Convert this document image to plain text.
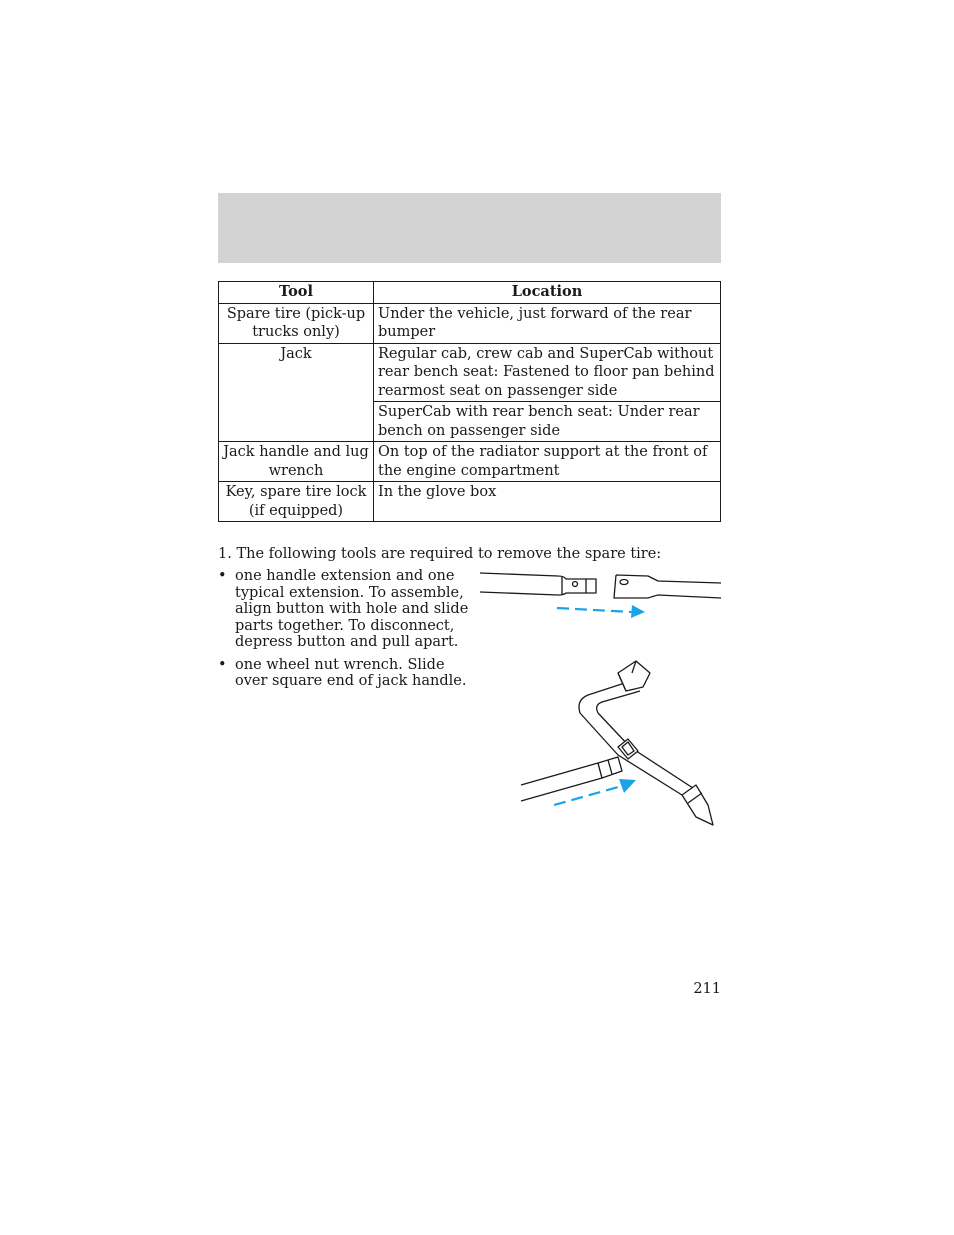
Tool	Location
Spare tire (pick-up trucks only)	Under the vehicle, just forward of the rear bumper
Jack	Regular cab, crew cab and SuperCab without rear bench seat: Fastened to floor pan behind rearmost seat on passenger side
	SuperCab with rear bench seat: Under rear bench on passenger side
Jack handle and lug wrench	On top of the radiator support at the front of the engine compartment
Key, spare tire lock (if equipped)	In the glove box
1. The following tools are required to remove the spare tire:
• one handle extension and one typical extension. To assemble, align button with hole and slide parts together. To disconnect, depress button and pull apart.
• one wheel nut wrench. Slide over square end of jack handle.
211
